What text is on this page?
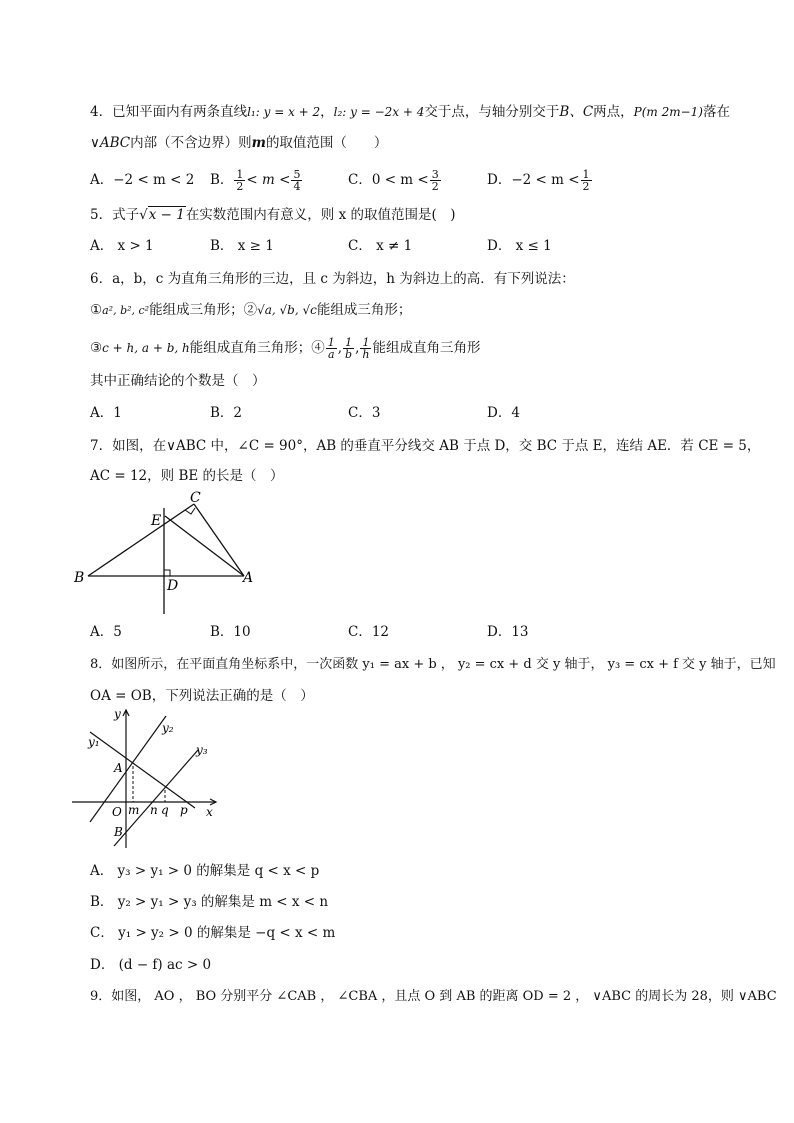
4．已知平面内有两条直线l₁: y = x + 2，l₂: y = −2x + 4交于点，与轴分别交于B、C两点，P(m 2m−1)落在
∨ABC内部（不含边界）则m的取值范围（　　）
A．−2 < m < 2 B． $\frac{1}{2} < m < \frac{5}{4}$	C．$0 < m < \frac{3}{2}$	D．$-2 < m < \frac{1}{2}$
5．式子√x − 1在实数范围内有意义，则 x 的取值范围是(　)
A． x > 1	B． x ≥ 1	C． x ≠ 1	D． x ≤ 1
6．a，b，c 为直角三角形的三边，且 c 为斜边，h 为斜边上的高．有下列说法：
①a², b², c²能组成三角形；②√a, √b, √c能组成三角形；
③c + h, a + b, h能组成直角三角形；④ $\frac{1}{a}$ , $\frac{1}{b}$ , $\frac{1}{h}$ 能组成直角三角形
其中正确结论的个数是（　）
A．1	B．2	C．3	D．4
7．如图，在∨ABC 中，∠C = 90°，AB 的垂直平分线交 AB 于点 D，交 BC 于点 E，连结 AE．若 CE = 5，
AC = 12，则 BE 的长是（　）
C
E
B	D	A
A．5	B．10	C．12	D．13
8．如图所示，在平面直角坐标系中，一次函数 y₁ = ax + b ， y₂ = cx + d 交 y 轴于， y₃ = cx + f 交 y 轴于，已知
OA = OB，下列说法正确的是（　）
y
y₂
y₁
y₃
A
O m n q p x
B
A． y₃ > y₁ > 0 的解集是 q < x < p
B． y₂ > y₁ > y₃ 的解集是 m < x < n
C． y₁ > y₂ > 0 的解集是 −q < x < m
D． (d − f) ac > 0
9．如图， AO ， BO 分别平分 ∠CAB ， ∠CBA ，且点 O 到 AB 的距离 OD = 2 ， ∨ABC 的周长为 28，则 ∨ABC
